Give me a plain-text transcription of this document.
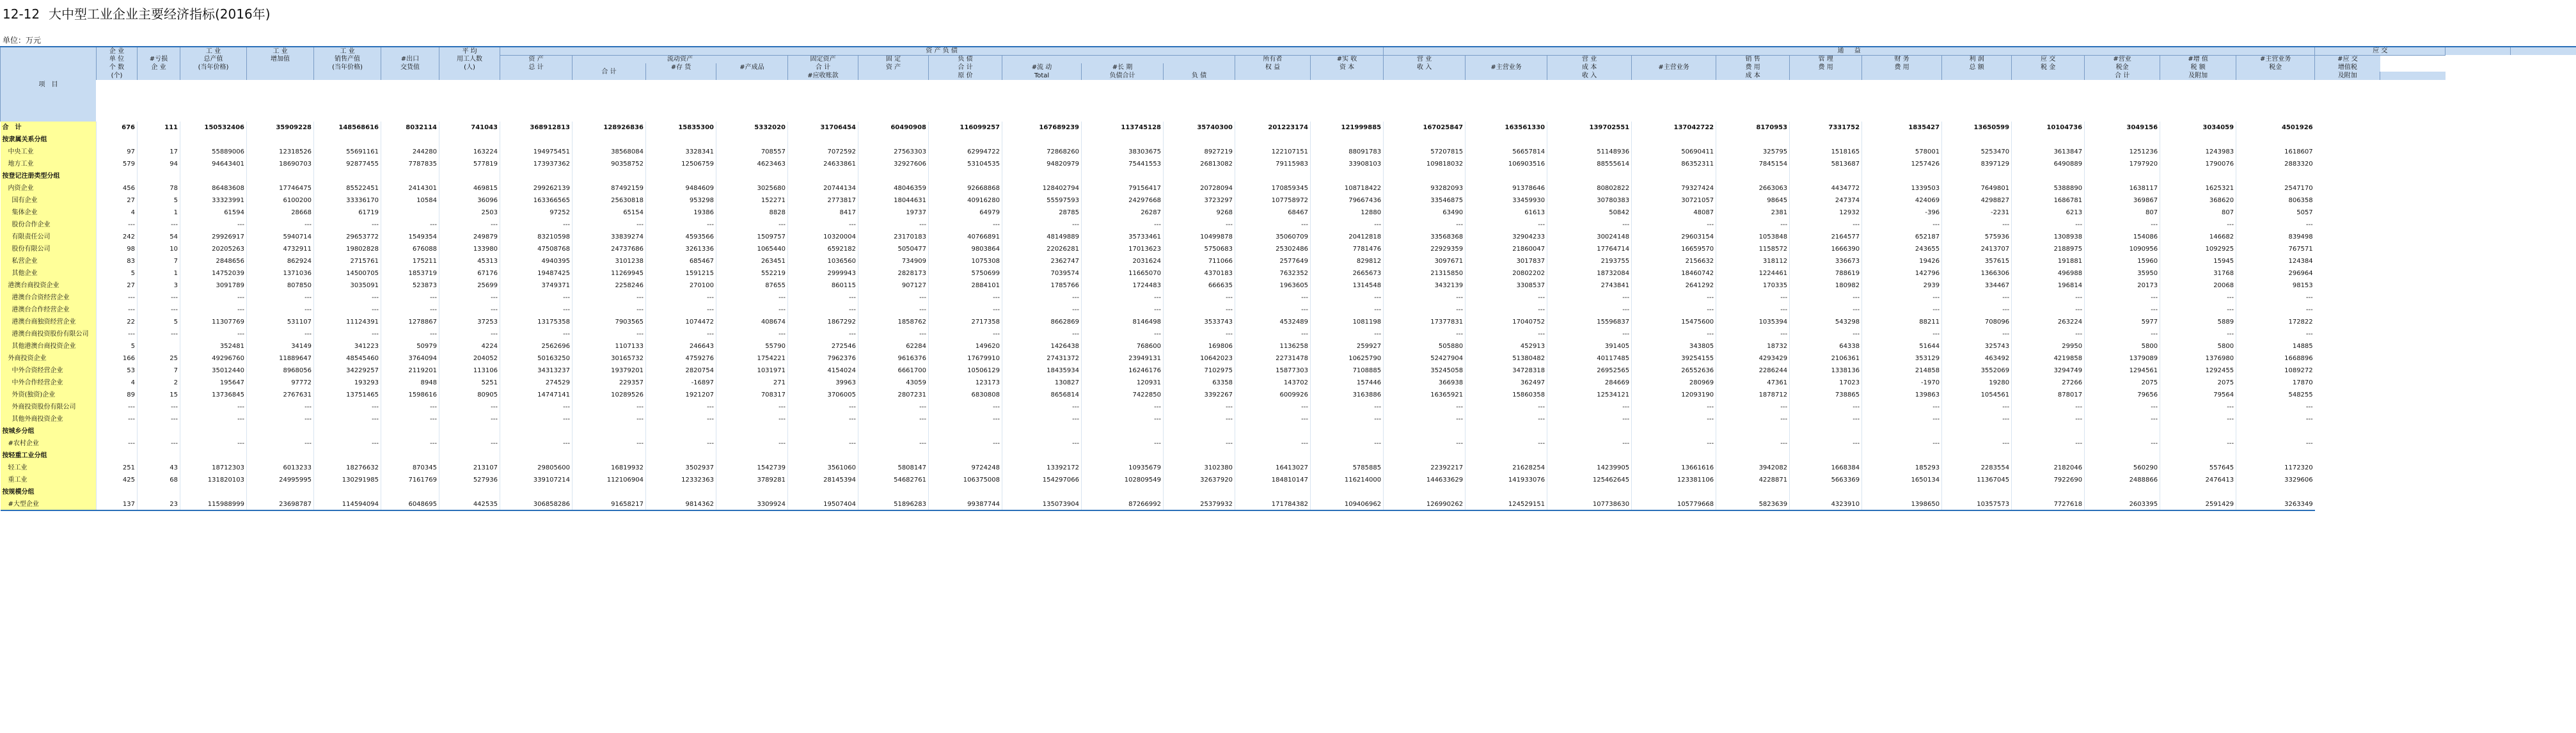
12-12 大中型工业企业主要经济指标(2016年)
单位：万元
项　目	企 业		工 业	工 业	工 业		平 均	资 产 负 债												通 　 益												应 交			
	单 位	#亏损	总产值	增加值	销售产值	#出口	用工人数	资 产	流动资产			固定资产	固 定	负 债				所有者	#实 收	营 业		营 业		销 售	管 理	财 务	利 润	应 交	#营业	#增 值	#主营业务	#应 交			
	个 数	企 业	(当年价格)		(当年价格)	交货值	(人)	总 计	合 计	#存 货	#产成品	合 计	资 产	合 计	#流 动	#长 期		权 益	资 本	收 入	#主营业务	成 本	#主营业务	费 用	费 用	费 用	总 额	税 金	税金	税 额	税金	增值税			
	(个)											#应收账款		原 价	Total	负债合计	负 债					收 入		成 本					合 计	及附加		及附加			

合　计	676	111	150532406	35909228	148568616	8032114	741043	368912813	128926836	15835300	5332020	31706454	60490908	116099257	167689239	113745128	35740300	201223174	121999885	167025847	163561330	139702551	137042722	8170953	7331752	1835427	13650599	10104736	3049156	3034059	4501926				
按隶属关系分组																																			
中央工业	97	17	55889006	12318526	55691161	244280	163224	194975451	38568084	3328341	708557	7072592	27563303	62994722	72868260	38303675	8927219	122107151	88091783	57207815	56657814	51148936	50690411	325795	1518165	578001	5253470	3613847	1251236	1243983	1618607				
地方工业	579	94	94643401	18690703	92877455	7787835	577819	173937362	90358752	12506759	4623463	24633861	32927606	53104535	94820979	75441553	26813082	79115983	33908103	109818032	106903516	88555614	86352311	7845154	5813687	1257426	8397129	6490889	1797920	1790076	2883320				
按登记注册类型分组																																			
内资企业	456	78	86483608	17746475	85522451	2414301	469815	299262139	87492159	9484609	3025680	20744134	48046359	92668868	128402794	79156417	20728094	170859345	108718422	93282093	91378646	80802822	79327424	2663063	4434772	1339503	7649801	5388890	1638117	1625321	2547170				
国有企业	27	5	33323991	6100200	33336170	10584	36096	163366565	25630818	953298	152271	2773817	18044631	40916280	55597593	24297668	3723297	107758972	79667436	33546875	33459930	30780383	30721057	98645	247374	424069	4298827	1686781	369867	368620	806358				
集体企业	4	1	61594	28668	61719		2503	97252	65154	19386	8828	8417	19737	64979	28785	26287	9268	68467	12880	63490	61613	50842	48087	2381	12932	-396	-2231	6213	807	807	5057				
股份合作企业	---	---	---	---	---	---	---	---	---	---	---	---	---	---	---	---	---	---	---	---	---	---	---	---	---	---	---	---	---	---	---				
有限责任公司	242	54	29926917	5940714	29653772	1549354	249879	83210598	33839274	4593566	1509757	10320004	23170183	40766891	48149889	35733461	10499878	35060709	20412818	33568368	32904233	30024148	29603154	1053848	2164577	652187	575936	1308938	154086	146682	839498				
股份有限公司	98	10	20205263	4732911	19802828	676088	133980	47508768	24737686	3261336	1065440	6592182	5050477	9803864	22026281	17013623	5750683	25302486	7781476	22929359	21860047	17764714	16659570	1158572	1666390	243655	2413707	2188975	1090956	1092925	767571				
私营企业	83	7	2848656	862924	2715761	175211	45313	4940395	3101238	685467	263451	1036560	734909	1075308	2362747	2031624	711066	2577649	829812	3097671	3017837	2193755	2156632	318112	336673	19426	357615	191881	15960	15945	124384				
其他企业	5	1	14752039	1371036	14500705	1853719	67176	19487425	11269945	1591215	552219	2999943	2828173	5750699	7039574	11665070	4370183	7632352	2665673	21315850	20802202	18732084	18460742	1224461	788619	142796	1366306	496988	35950	31768	296964				
港澳台商投资企业	27	3	3091789	807850	3035091	523873	25699	3749371	2258246	270100	87655	860115	907127	2884101	1785766	1724483	666635	1963605	1314548	3432139	3308537	2743841	2641292	170335	180982	2939	334467	196814	20173	20068	98153				
港澳台合资经营企业	---	---	---	---	---	---	---	---	---	---	---	---	---	---	---	---	---	---	---	---	---	---	---	---	---	---	---	---	---	---	---				
港澳台合作经营企业	---	---	---	---	---	---	---	---	---	---	---	---	---	---	---	---	---	---	---	---	---	---	---	---	---	---	---	---	---	---	---				
港澳台商独资经营企业	22	5	11307769	531107	11124391	1278867	37253	13175358	7903565	1074472	408674	1867292	1858762	2717358	8662869	8146498	3533743	4532489	1081198	17377831	17040752	15596837	15475600	1035394	543298	88211	708096	263224	5977	5889	172822				
港澳台商投资股份有限公司	---	---	---	---	---	---	---	---	---	---	---	---	---	---	---	---	---	---	---	---	---	---	---	---	---	---	---	---	---	---	---				
其他港澳台商投资企业	5		352481	34149	341223	50979	4224	2562696	1107133	246643	55790	272546	62284	149620	1426438	768600	169806	1136258	259927	505880	452913	391405	343805	18732	64338	51644	325743	29950	5800	5800	14885				
外商投资企业	166	25	49296760	11889647	48545460	3764094	204052	50163250	30165732	4759276	1754221	7962376	9616376	17679910	27431372	23949131	10642023	22731478	10625790	52427904	51380482	40117485	39254155	4293429	2106361	353129	463492	4219858	1379089	1376980	1668896				
中外合资经营企业	53	7	35012440	8968056	34229257	2119201	113106	34313237	19379201	2820754	1031971	4154024	6661700	10506129	18435934	16246176	7102975	15877303	7108885	35245058	34728318	26952565	26552636	2286244	1338136	214858	3552069	3294749	1294561	1292455	1089272				
中外合作经营企业	4	2	195647	97772	193293	8948	5251	274529	229357	-16897	271	39963	43059	123173	130827	120931	63358	143702	157446	366938	362497	284669	280969	47361	17023	-1970	19280	27266	2075	2075	17870				
外资(独资)企业	89	15	13736845	2767631	13751465	1598616	80905	14747141	10289526	1921207	708317	3706005	2807231	6830808	8656814	7422850	3392267	6009926	3163886	16365921	15860358	12534121	12093190	1878712	738865	139863	1054561	878017	79656	79564	548255				
外商投资股份有限公司	---	---	---	---	---	---	---	---	---	---	---	---	---	---	---	---	---	---	---	---	---	---	---	---	---	---	---	---	---	---	---				
其他外商投资企业	---	---	---	---	---	---	---	---	---	---	---	---	---	---	---	---	---	---	---	---	---	---	---	---	---	---	---	---	---	---	---				
按城乡分组																																			
#农村企业	---	---	---	---	---	---	---	---	---	---	---	---	---	---	---	---	---	---	---	---	---	---	---	---	---	---	---	---	---	---	---				
按轻重工业分组																																			
轻工业	251	43	18712303	6013233	18276632	870345	213107	29805600	16819932	3502937	1542739	3561060	5808147	9724248	13392172	10935679	3102380	16413027	5785885	22392217	21628254	14239905	13661616	3942082	1668384	185293	2283554	2182046	560290	557645	1172320				
重工业	425	68	131820103	24995995	130291985	7161769	527936	339107214	112106904	12332363	3789281	28145394	54682761	106375008	154297066	102809549	32637920	184810147	116214000	144633629	141933076	125462645	123381106	4228871	5663369	1650134	11367045	7922690	2488866	2476413	3329606				
按规模分组																																			
#大型企业	137	23	115988999	23698787	114594094	6048695	442535	306858286	91658217	9814362	3309924	19507404	51896283	99387744	135073904	87266992	25379932	171784382	109406962	126990262	124529151	107738630	105779668	5823639	4323910	1398650	10357573	7727618	2603395	2591429	3263349				
